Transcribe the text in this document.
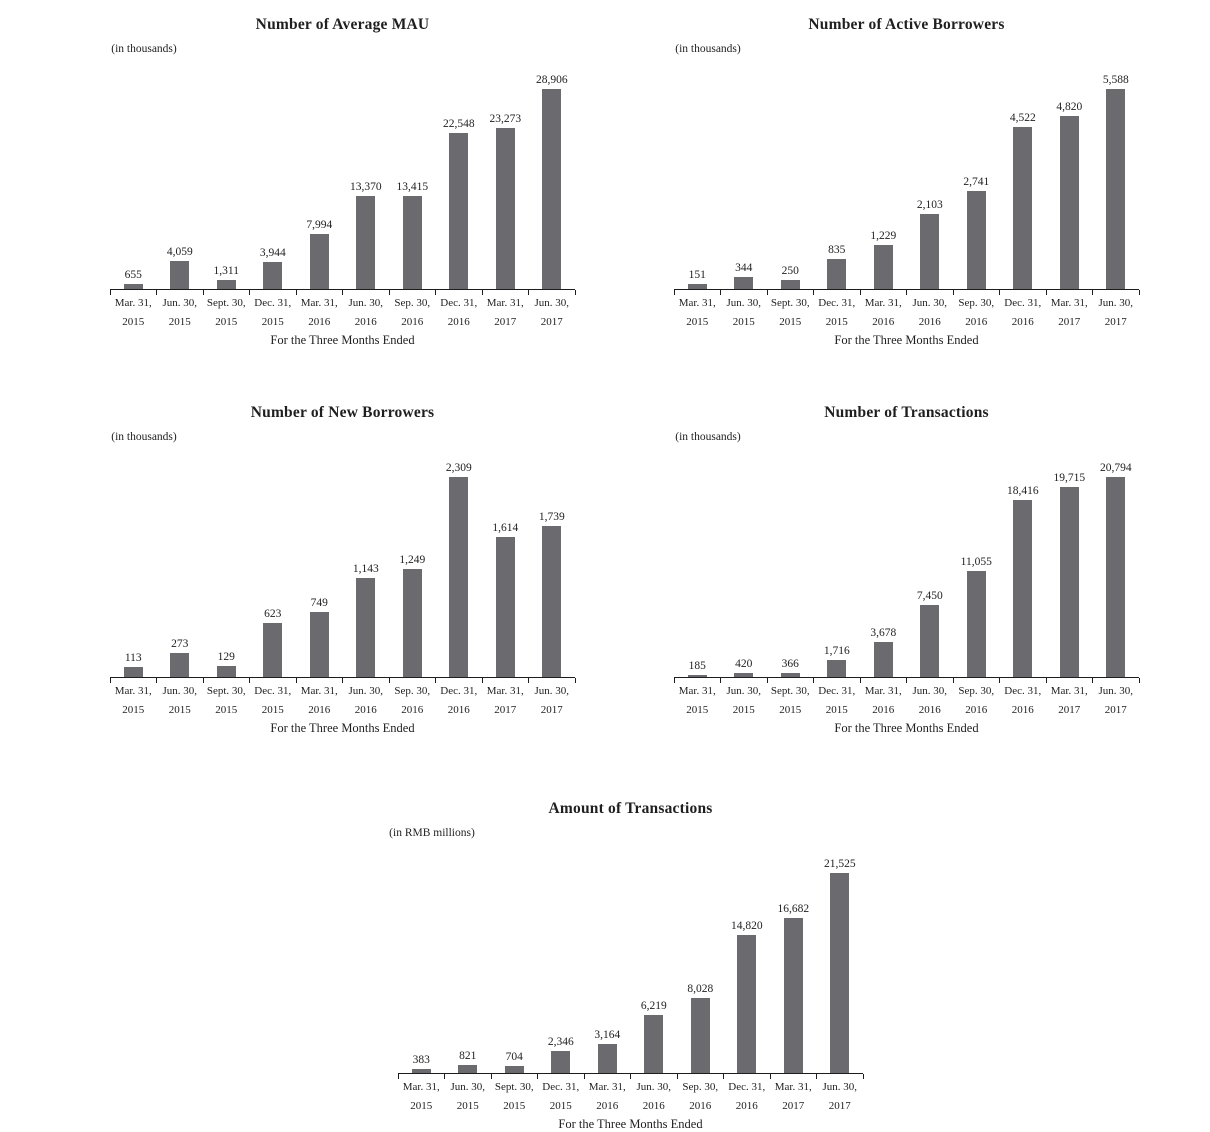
Number of Average MAU
(in thousands)
655
4,059
1,311
3,944
7,994
13,370 13,415
22,548 23,273
28,906
Mar. 31,
2015
Jun. 30,
2015
Sept. 30,
2015
Dec. 31,
2015
Mar. 31,
2016
Jun. 30,
2016
Sep. 30,
2016
Dec. 31,
2016
Mar. 31,
2017
Jun. 30,
2017
For the Three Months Ended
Number of Active Borrowers
(in thousands)
151
344	250
835
1,229
2,103
2,741
4,522
4,820
5,588
Mar. 31,
2015
Jun. 30,
2015
Sept. 30,
2015
Dec. 31,
2015
Mar. 31,
2016
Jun. 30,
2016
Sep. 30,
2016
Dec. 31,
2016
Mar. 31,
2017
Jun. 30,
2017
For the Three Months Ended
Number of New Borrowers
(in thousands)
113
273
129
623
749
1,143
1,249
2,309
1,614
1,739
Mar. 31,
2015
Jun. 30,
2015
Sept. 30,
2015
Dec. 31,
2015
Mar. 31,
2016
Jun. 30,
2016
Sep. 30,
2016
Dec. 31,
2016
Mar. 31,
2017
Jun. 30,
2017
For the Three Months Ended
Number of Transactions
(in thousands)
185	420	366
1,716
3,678
7,450
11,055
18,416
19,715
20,794
Mar. 31,
2015
Jun. 30,
2015
Sept. 30,
2015
Dec. 31,
2015
Mar. 31,
2016
Jun. 30,
2016
Sep. 30,
2016
Dec. 31,
2016
Mar. 31,
2017
Jun. 30,
2017
For the Three Months Ended
Amount of Transactions
(in RMB millions)
383	821	704
2,346
3,164
6,219
8,028
14,820
16,682
21,525
Mar. 31,
2015
Jun. 30,
2015
Sept. 30,
2015
Dec. 31,
2015
Mar. 31,
2016
Jun. 30,
2016
Sep. 30,
2016
Dec. 31,
2016
Mar. 31,
2017
Jun. 30,
2017
For the Three Months Ended
